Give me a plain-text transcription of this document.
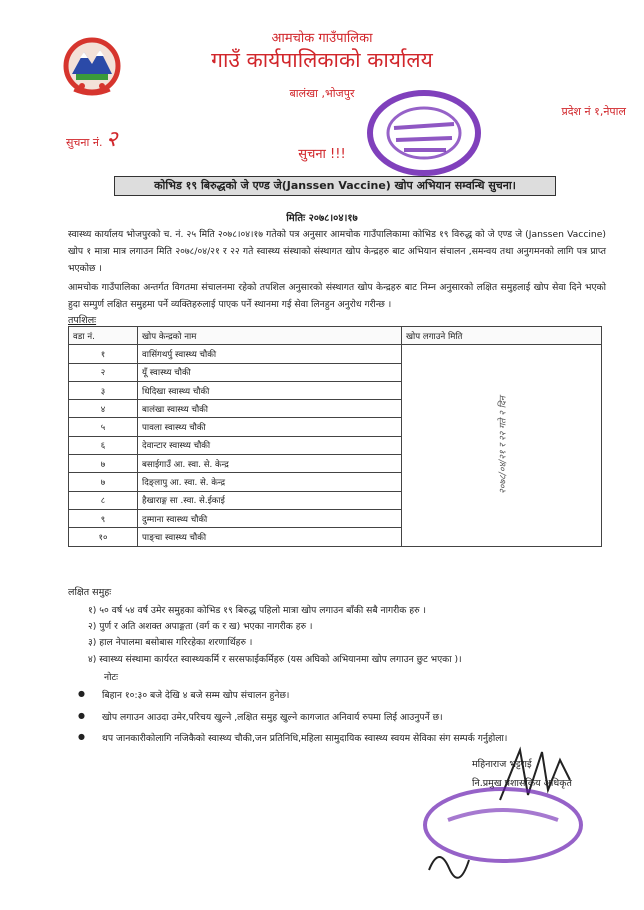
आमचोक गाउँपालिका
गाउँ कार्यपालिकाको कार्यालय
बालंखा ,भोजपुर
प्रदेश नं १,नेपाल
सुचना नं. २
सुचना !!!
कोभिड १९ बिरुद्धको जे एण्ड जे(Janssen Vaccine) खोप अभियान सम्वन्धि सुचना।
मितिः २०७८।०४।१७
स्वास्थ्य कार्यालय भोजपुरको च. नं. २५ मिति २०७८।०४।१७ गतेको पत्र अनुसार आमचोक गाउँपालिकामा कोभिड १९ विरुद्ध को जे एण्ड जे (Janssen Vaccine) खोप १ मात्रा मात्र लगाउन मिति २०७८/०४/२१ र २२ गते स्वास्थ्य संस्थाको संस्थागत खोप केन्द्रहरु बाट अभियान संचालन ,समन्वय तथा अनुगमनको लागि पत्र प्राप्त भएकोछ ।
आमचोक गाउँपालिका अन्तर्गत विगतमा संचालनमा रहेको तपशिल अनुसारको संस्थागत खोप केन्द्रहरु बाट निम्न अनुसारको लक्षित समुहलाई खोप सेवा दिने भएको हुदा सम्पुर्ण लक्षित समुहमा पर्ने व्यक्तिहरुलाई पाएक पर्ने स्थानमा गई सेवा लिनहुन अनुरोध गरीन्छ ।
तपशिलः
वडा नं.	खोप केन्द्रको नाम	खोप लगाउने मिति
१	वासिंगथर्पु स्वास्थ्य चौकी	२०७८/०४/२१ र २२ गते २ दिन

२	यूँ स्वास्थ्य चौकी	
३	धिदिखा स्वास्थ्य चौकी	
४	बालंखा स्वास्थ्य चौकी	
५	पावला स्वास्थ्य चौकी	
६	देवान्टार स्वास्थ्य चौकी	
७	बसाईगाउँ आ. स्वा. से. केन्द्र	
७	दिङ्लापु आ. स्वा. से. केन्द्र	
८	हैखाराङ्ग सा .स्वा. से.ईकाई	
९	दुम्माना स्वास्थ्य चौकी	
१०	पाङ्चा स्वास्थ्य चौकी	
लक्षित समुहः
१) ५० वर्ष ५४ वर्ष उमेर समुहका कोभिड १९ बिरुद्ध पहिलो मात्रा खोप लगाउन बाँकी सबै नागरीक हरु ।
२) पुर्ण र अति अशक्त अपाङ्गता (वर्ग क र ख) भएका नागरीक हरु ।
३) हाल नेपालमा बसोबास गरिरहेका शरणार्थिहरु ।
४) स्वास्थ्य संस्थामा कार्यरत स्वास्थ्यकर्मि र सरसफाईकर्मिहरु (यस अघिको अभियानमा खोप लगाउन छुट भएका )।
नोटः
● बिहान १०:३० बजे देखि ४ बजे सम्म खोप संचालन हुनेछ।
● खोप लगाउन आउदा उमेर,परिचय खुल्ने ,लक्षित समुह खुल्ने कागजात अनिवार्य रुपमा लिई आउनुपर्ने छ।
● थप जानकारीकोलागि नजिकैको स्वास्थ्य चौकी,जन प्रतिनिधि,महिला सामुदायिक स्वास्थ्य स्वयम सेविका संग सम्पर्क गर्नुहोला।
महिनाराज भट्टराई
नि.प्रमुख प्रशासकिय अधिकृत
